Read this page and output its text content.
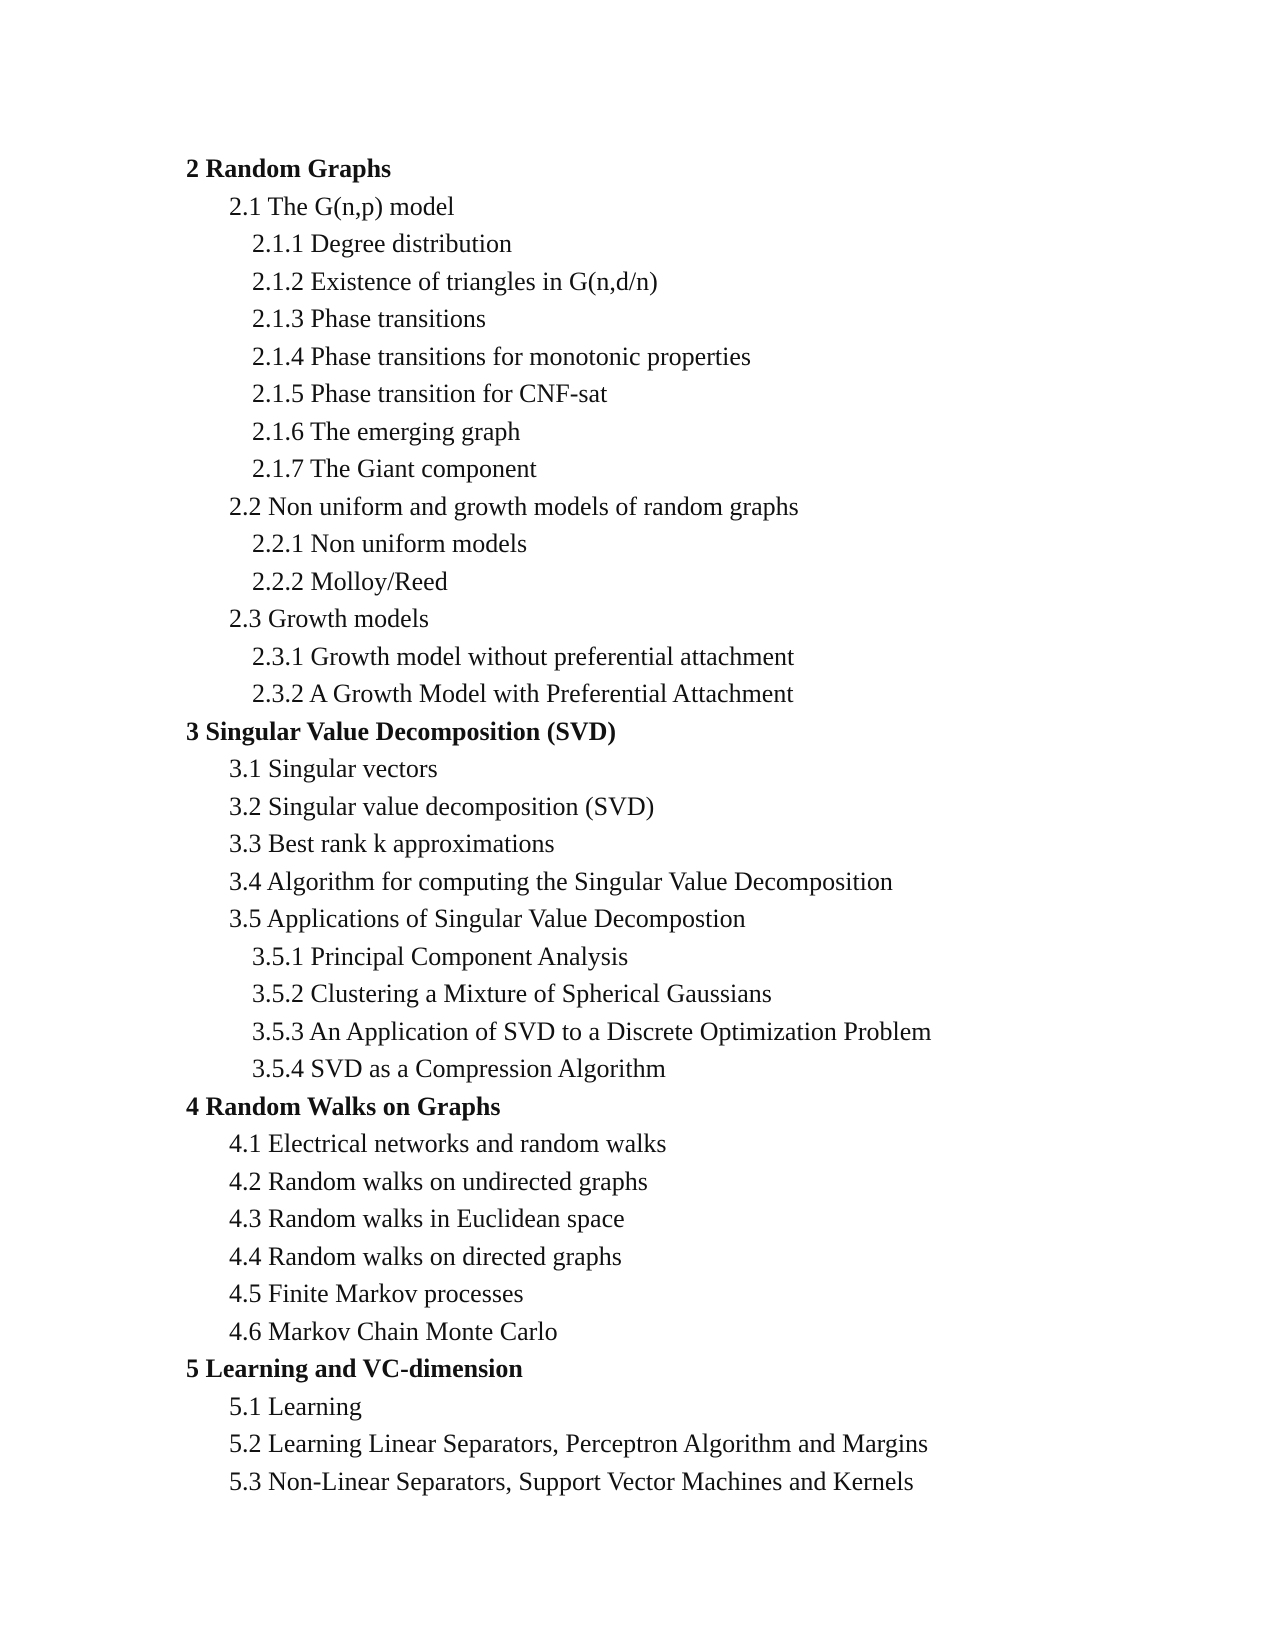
2 Random Graphs
2.1 The G(n,p) model
2.1.1 Degree distribution
2.1.2 Existence of triangles in G(n,d/n)
2.1.3 Phase transitions
2.1.4 Phase transitions for monotonic properties
2.1.5 Phase transition for CNF-sat
2.1.6 The emerging graph
2.1.7 The Giant component
2.2 Non uniform and growth models of random graphs
2.2.1 Non uniform models
2.2.2 Molloy/Reed
2.3 Growth models
2.3.1 Growth model without preferential attachment
2.3.2 A Growth Model with Preferential Attachment
3 Singular Value Decomposition (SVD)
3.1 Singular vectors
3.2 Singular value decomposition (SVD)
3.3 Best rank k approximations
3.4 Algorithm for computing the Singular Value Decomposition
3.5 Applications of Singular Value Decompostion
3.5.1 Principal Component Analysis
3.5.2 Clustering a Mixture of Spherical Gaussians
3.5.3 An Application of SVD to a Discrete Optimization Problem
3.5.4 SVD as a Compression Algorithm
4 Random Walks on Graphs
4.1 Electrical networks and random walks
4.2 Random walks on undirected graphs
4.3 Random walks in Euclidean space
4.4 Random walks on directed graphs
4.5 Finite Markov processes
4.6 Markov Chain Monte Carlo
5 Learning and VC-dimension
5.1 Learning
5.2 Learning Linear Separators, Perceptron Algorithm and Margins
5.3 Non-Linear Separators, Support Vector Machines and Kernels
